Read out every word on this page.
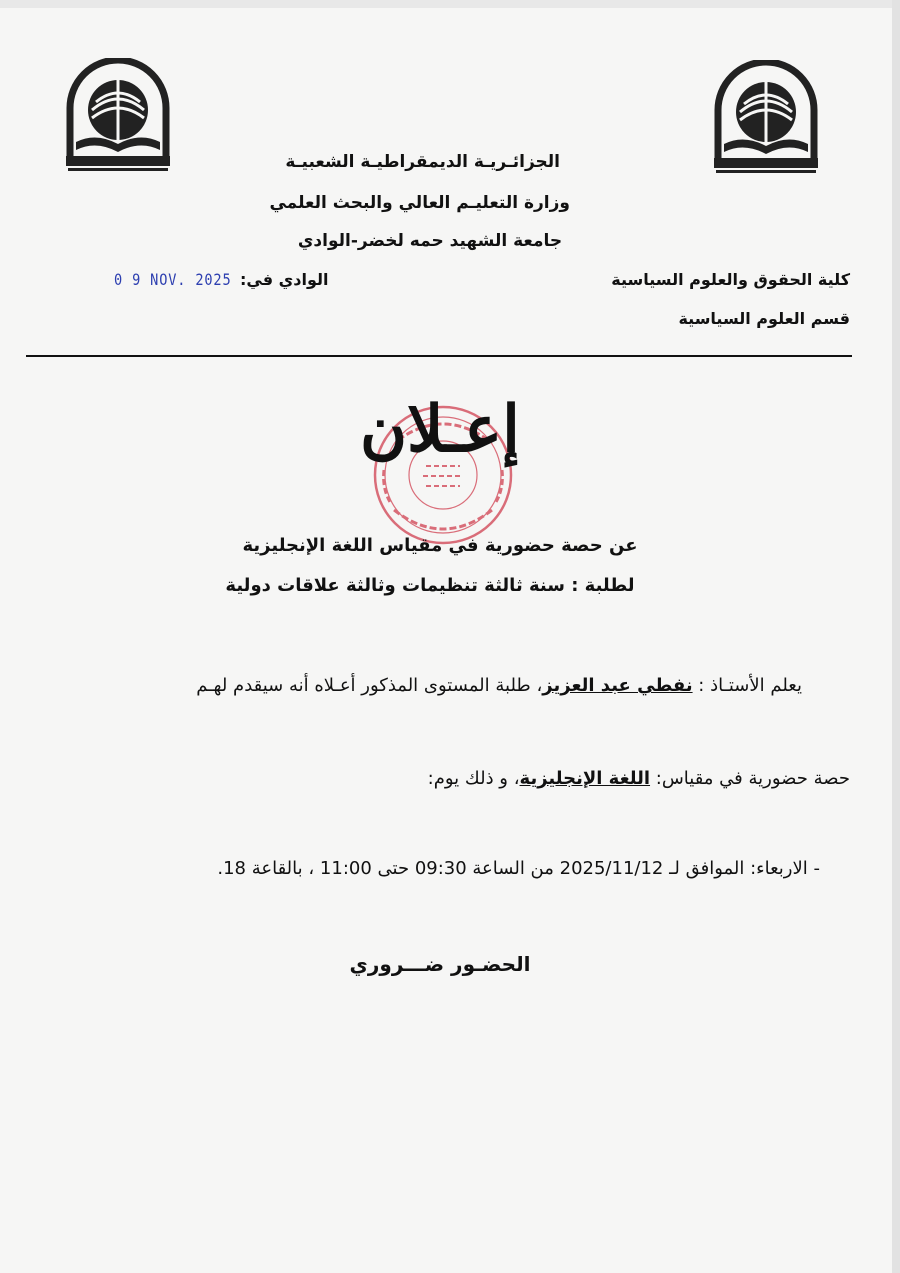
الجزائـريـة الديمقراطيـة الشعبيـة
وزارة التعليـم العالي والبحث العلمي
جامعة الشهيد حمه لخضر-الوادي
كلية الحقوق والعلوم السياسية
قسم العلوم السياسية
الوادي في:
0 9 NOV. 2025
إعـلان
عن حصة حضورية في مقياس اللغة الإنجليزية
لطلبة : سنة ثالثة تنظيمات وثالثة علاقات دولية
يعلم الأستـاذ : نفطي عبد العزيز، طلبة المستوى المذكور أعـلاه أنه سيقدم لهـم
حصة حضورية في مقياس: اللغة الإنجليزية، و ذلك يوم:
- الاربعاء: الموافق لـ 2025/11/12 من الساعة 09:30 حتى 11:00 ، بالقاعة 18.
الحضـور ضـــروري
